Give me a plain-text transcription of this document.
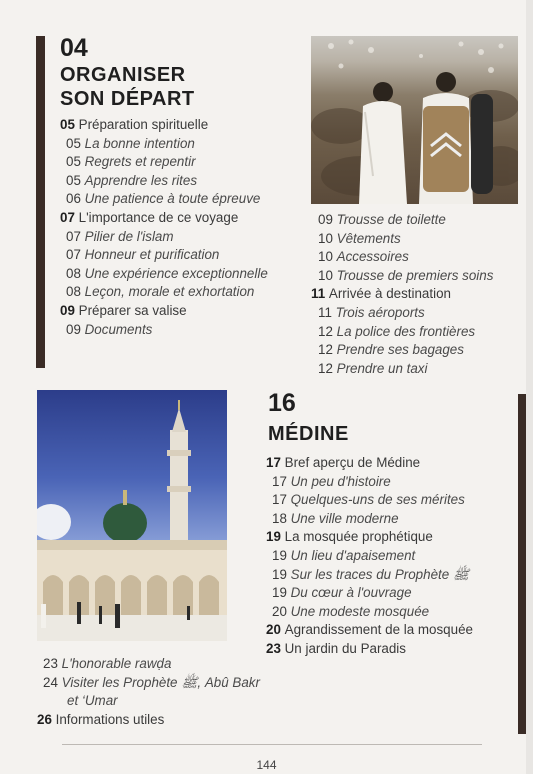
04
ORGANISER
SON DÉPART
05 Préparation spirituelle
05 La bonne intention
05 Regrets et repentir
05 Apprendre les rites
06 Une patience à toute épreuve
07 L'importance de ce voyage
07 Pilier de l'islam
07 Honneur et purification
08 Une expérience exceptionnelle
08 Leçon, morale et exhortation
09 Préparer sa valise
09 Documents
09 Trousse de toilette
10 Vêtements
10 Accessoires
10 Trousse de premiers soins
11 Arrivée à destination
11 Trois aéroports
12 La police des frontières
12 Prendre ses bagages
12 Prendre un taxi
16
MÉDINE
17 Bref aperçu de Médine
17 Un peu d'histoire
17 Quelques-uns de ses mérites
18 Une ville moderne
19 La mosquée prophétique
19 Un lieu d'apaisement
19 Sur les traces du Prophète ﷺ
19 Du cœur à l'ouvrage
20 Une modeste mosquée
20 Agrandissement de la mosquée
23 Un jardin du Paradis
23 L'honorable rawḍa
24 Visiter les Prophète ﷺ, Abû Bakr
et ‘Umar
26 Informations utiles
144
